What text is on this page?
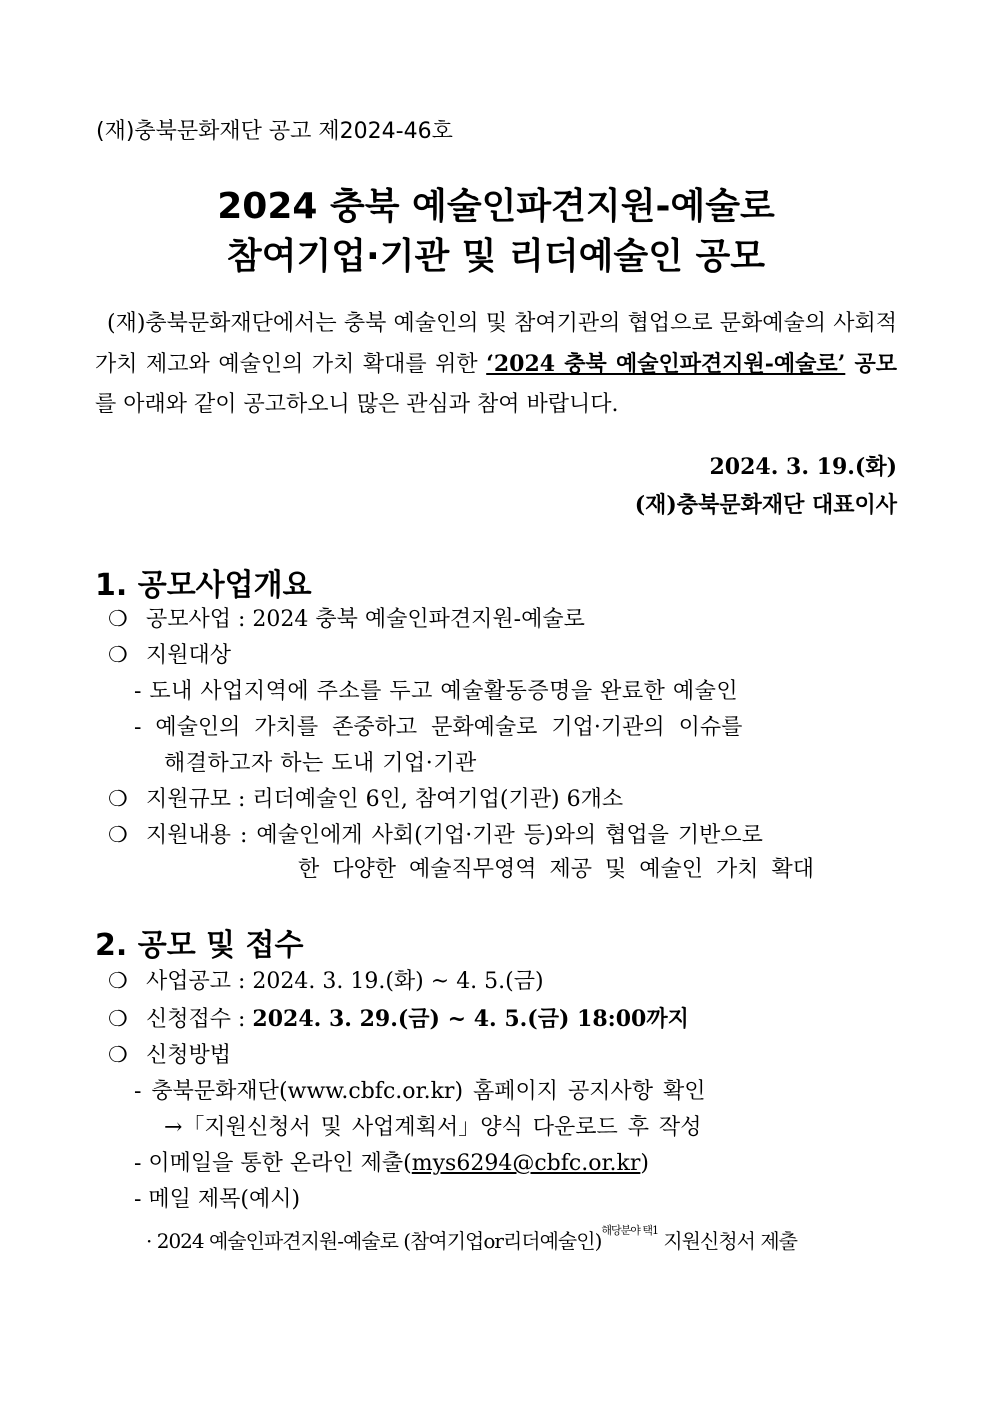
(재)충북문화재단 공고 제2024-46호
2024 충북 예술인파견지원-예술로
참여기업·기관 및 리더예술인 공모
(재)충북문화재단에서는 충북 예술인의 및 참여기관의 협업으로 문화예술의 사회적 가치 제고와 예술인의 가치 확대를 위한 ‘2024 충북 예술인파견지원-예술로’ 공모를 아래와 같이 공고하오니 많은 관심과 참여 바랍니다.
2024. 3. 19.(화)
(재)충북문화재단 대표이사
1. 공모사업개요
❍ 공모사업 : 2024 충북 예술인파견지원-예술로
❍ 지원대상
- 도내 사업지역에 주소를 두고 예술활동증명을 완료한 예술인
- 예술인의 가치를 존중하고 문화예술로 기업·기관의 이슈를
해결하고자 하는 도내 기업·기관
❍ 지원규모 : 리더예술인 6인, 참여기업(기관) 6개소
❍ 지원내용 : 예술인에게 사회(기업·기관 등)와의 협업을 기반으로
한 다양한 예술직무영역 제공 및 예술인 가치 확대
2. 공모 및 접수
❍ 사업공고 : 2024. 3. 19.(화) ~ 4. 5.(금)
❍ 신청접수 : 2024. 3. 29.(금) ~ 4. 5.(금) 18:00까지
❍ 신청방법
- 충북문화재단(www.cbfc.or.kr) 홈페이지 공지사항 확인
→「지원신청서 및 사업계획서」양식 다운로드 후 작성
- 이메일을 통한 온라인 제출(mys6294@cbfc.or.kr)
- 메일 제목(예시)
· 2024 예술인파견지원-예술로 (참여기업or리더예술인)$^{해당분야 택1}$ 지원신청서 제출
